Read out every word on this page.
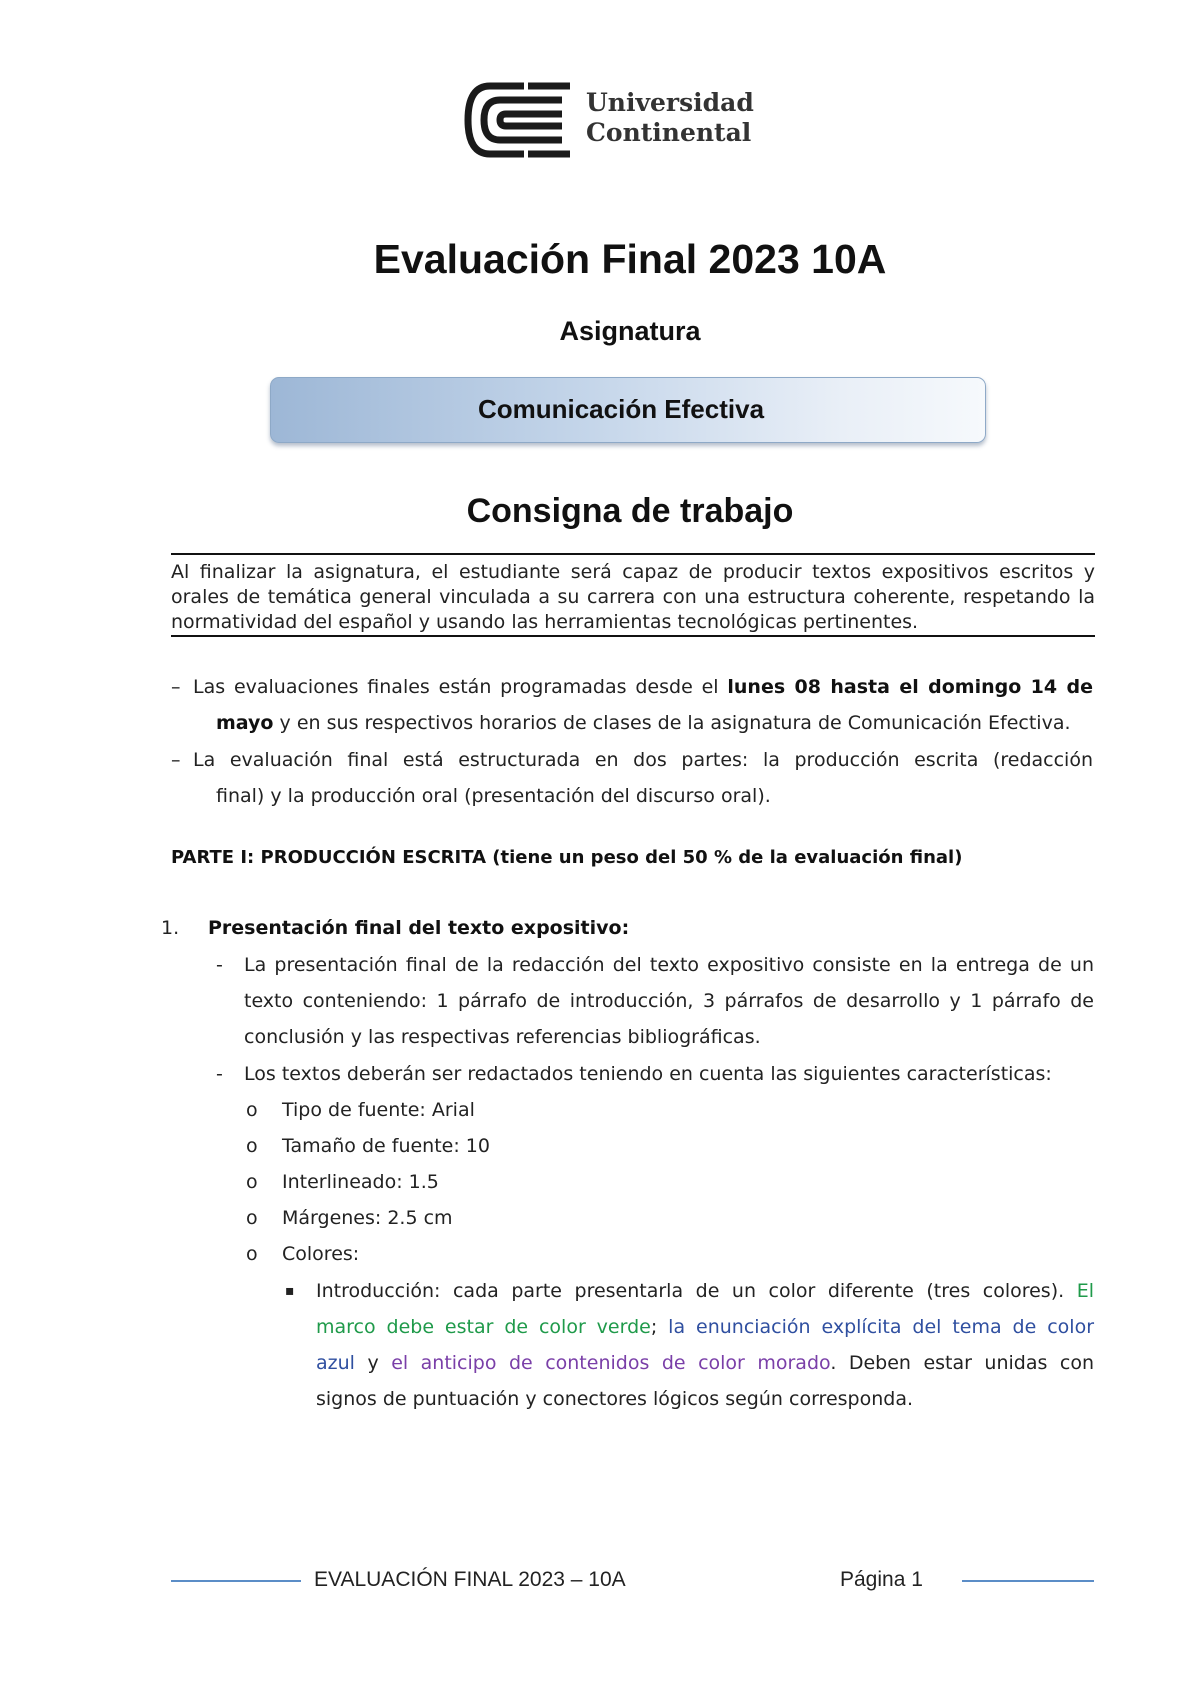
Universidad
Continental
Evaluación Final 2023 10A
Asignatura
Comunicación Efectiva
Consigna de trabajo

Al finalizar la asignatura, el estudiante será capaz de producir textos expositivos escritos y orales de temática general vinculada a su carrera con una estructura coherente, respetando la normatividad del español y usando las herramientas tecnológicas pertinentes.

– Las evaluaciones finales están programadas desde el lunes 08 hasta el domingo 14 de
mayo y en sus respectivos horarios de clases de la asignatura de Comunicación Efectiva.
– La evaluación final está estructurada en dos partes: la producción escrita (redacción
final) y la producción oral (presentación del discurso oral).
PARTE I: PRODUCCIÓN ESCRITA (tiene un peso del 50 % de la evaluación final)
1. Presentación final del texto expositivo:
- La presentación final de la redacción del texto expositivo consiste en la entrega de un
texto conteniendo: 1 párrafo de introducción, 3 párrafos de desarrollo y 1 párrafo de
conclusión y las respectivas referencias bibliográficas.
- Los textos deberán ser redactados teniendo en cuenta las siguientes características:
o Tipo de fuente: Arial
o Tamaño de fuente: 10
o Interlineado: 1.5
o Márgenes: 2.5 cm
o Colores:
▪ Introducción: cada parte presentarla de un color diferente (tres colores). El
marco debe estar de color verde; la enunciación explícita del tema de color
azul y el anticipo de contenidos de color morado. Deben estar unidas con
signos de puntuación y conectores lógicos según corresponda.
EVALUACIÓN FINAL 2023 – 10A	Página 1
